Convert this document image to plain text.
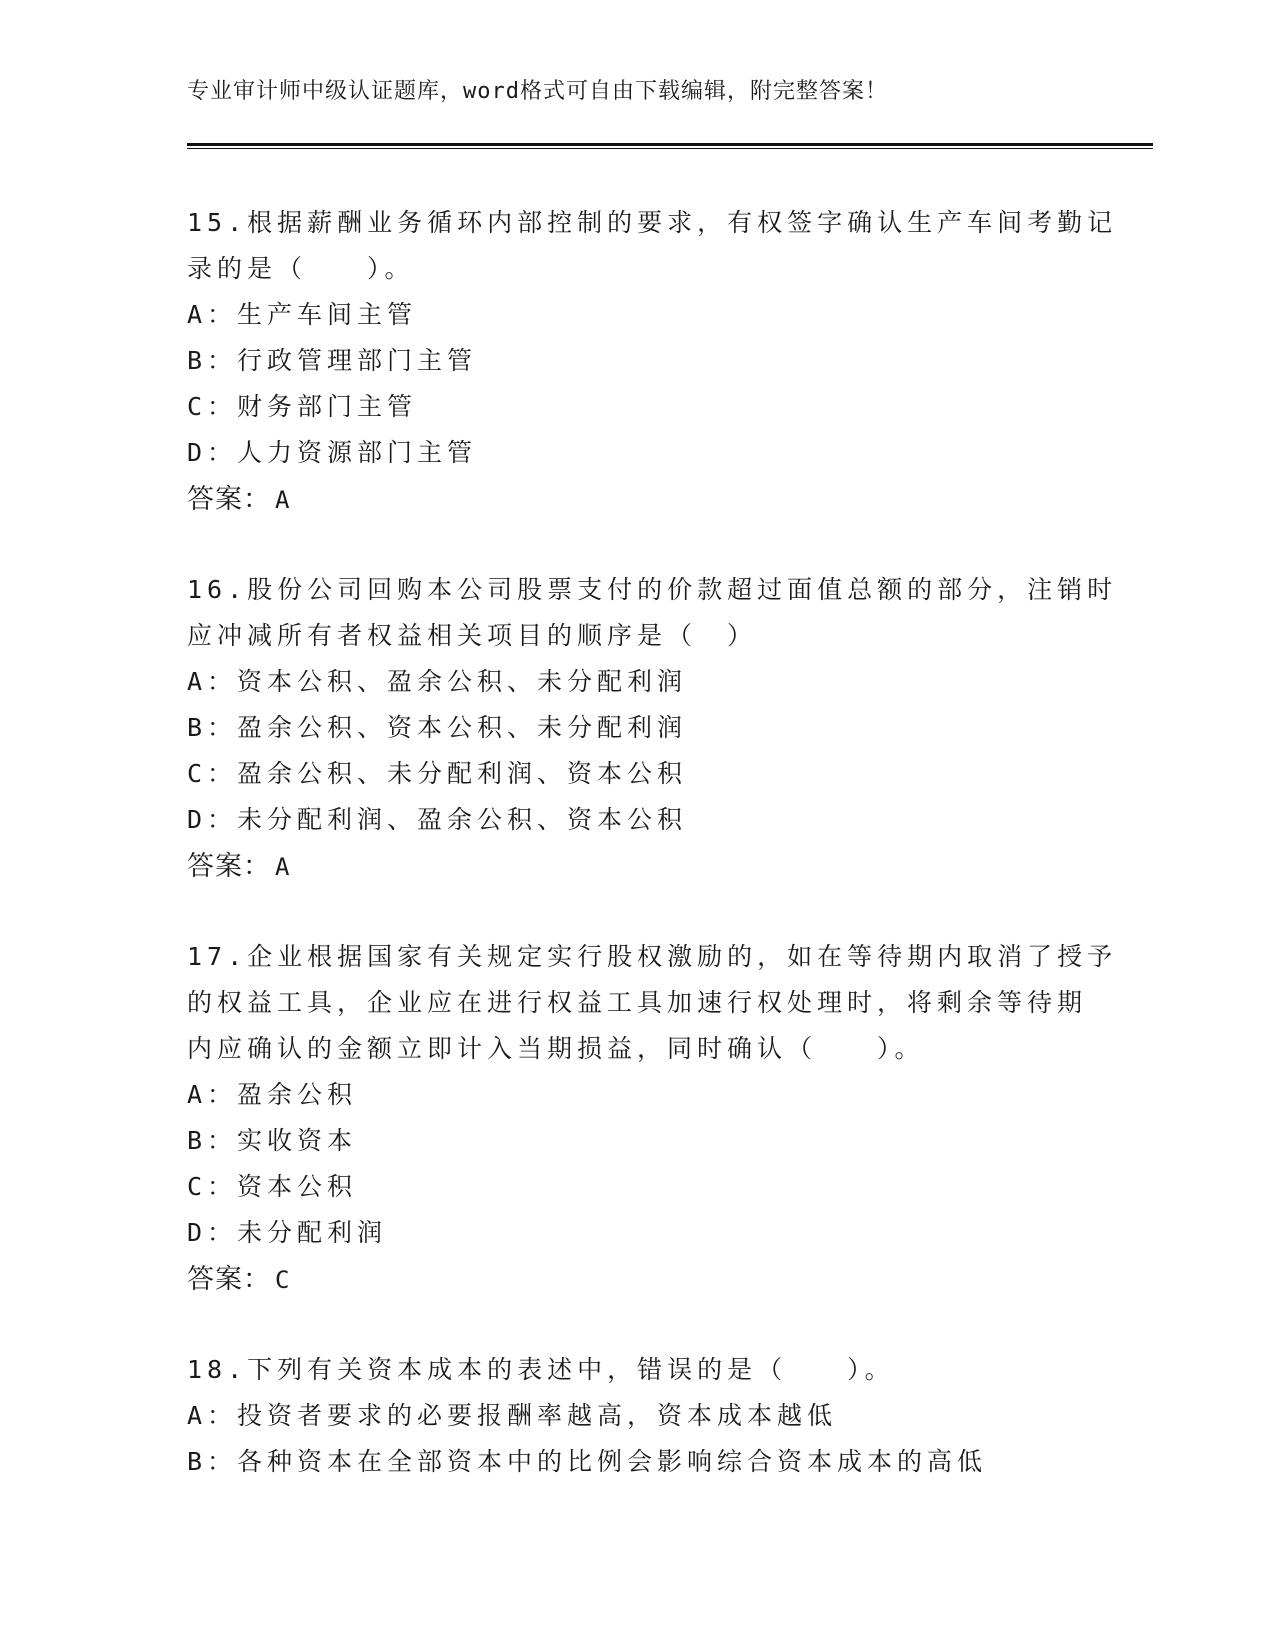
专业审计师中级认证题库，word格式可自由下载编辑，附完整答案！
15.根据薪酬业务循环内部控制的要求，有权签字确认生产车间考勤记
录的是（　　）。
A：生产车间主管
B：行政管理部门主管
C：财务部门主管
D：人力资源部门主管
答案： A
16.股份公司回购本公司股票支付的价款超过面值总额的部分，注销时
应冲减所有者权益相关项目的顺序是（　）
A：资本公积、盈余公积、未分配利润
B：盈余公积、资本公积、未分配利润
C：盈余公积、未分配利润、资本公积
D：未分配利润、盈余公积、资本公积
答案： A
17.企业根据国家有关规定实行股权激励的，如在等待期内取消了授予
的权益工具，企业应在进行权益工具加速行权处理时，将剩余等待期
内应确认的金额立即计入当期损益，同时确认（　　）。
A：盈余公积
B：实收资本
C：资本公积
D：未分配利润
答案： C
18.下列有关资本成本的表述中，错误的是（　　）。
A：投资者要求的必要报酬率越高，资本成本越低
B：各种资本在全部资本中的比例会影响综合资本成本的高低
